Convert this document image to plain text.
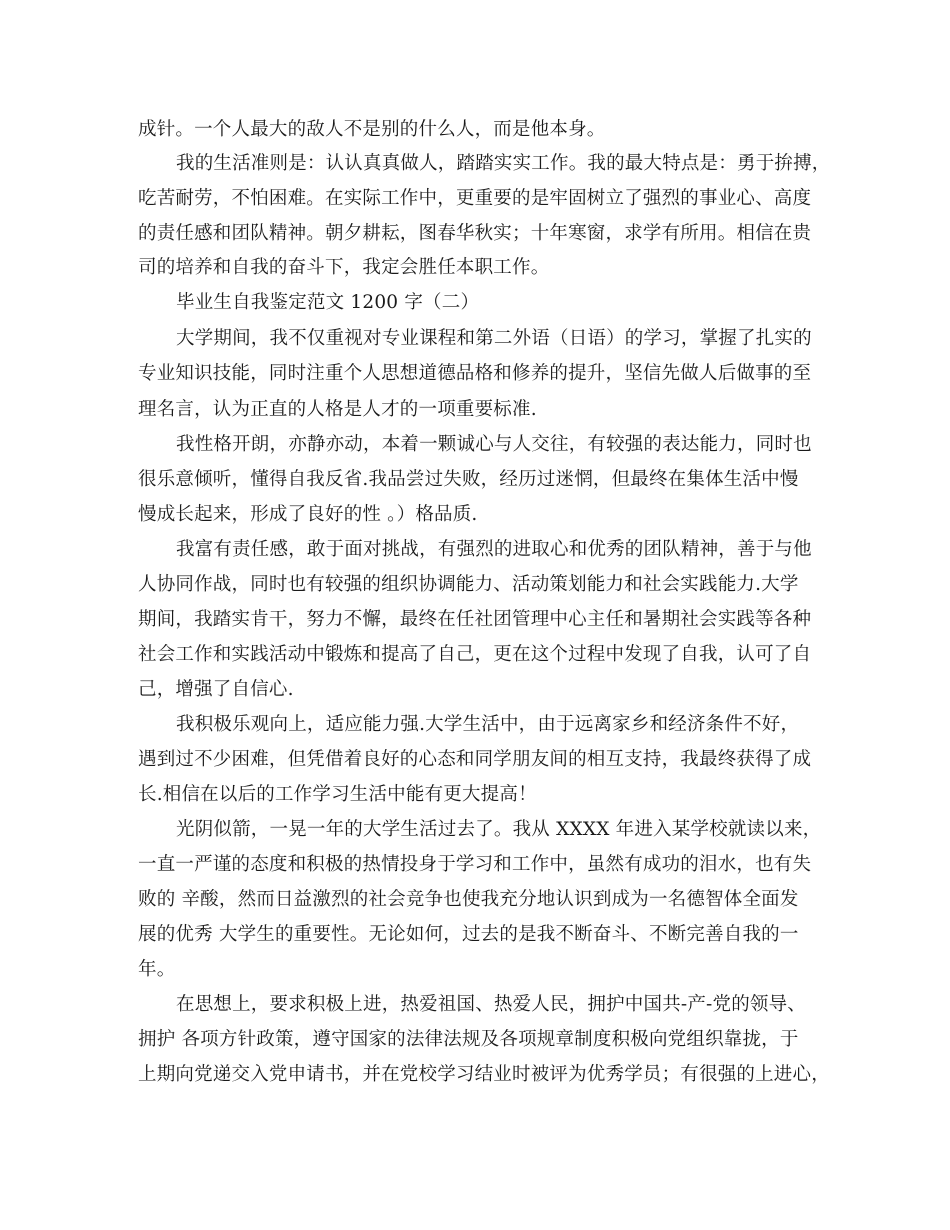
成针。一个人最大的敌人不是别的什么人，而是他本身。
我的生活准则是：认认真真做人，踏踏实实工作。我的最大特点是：勇于拚搏，
吃苦耐劳，不怕困难。在实际工作中，更重要的是牢固树立了强烈的事业心、高度
的责任感和团队精神。朝夕耕耘，图春华秋实；十年寒窗，求学有所用。相信在贵
司的培养和自我的奋斗下，我定会胜任本职工作。
毕业生自我鉴定范文 1200 字（二）
大学期间，我不仅重视对专业课程和第二外语（日语）的学习，掌握了扎实的
专业知识技能，同时注重个人思想道德品格和修养的提升，坚信先做人后做事的至
理名言，认为正直的人格是人才的一项重要标准.
我性格开朗，亦静亦动，本着一颗诚心与人交往，有较强的表达能力，同时也
很乐意倾听，懂得自我反省.我品尝过失败，经历过迷惘，但最终在集体生活中慢
慢成长起来，形成了良好的性 。）格品质.
我富有责任感，敢于面对挑战，有强烈的进取心和优秀的团队精神，善于与他
人协同作战，同时也有较强的组织协调能力、活动策划能力和社会实践能力.大学
期间，我踏实肯干，努力不懈，最终在任社团管理中心主任和暑期社会实践等各种
社会工作和实践活动中锻炼和提高了自己，更在这个过程中发现了自我，认可了自
己，增强了自信心.
我积极乐观向上，适应能力强.大学生活中，由于远离家乡和经济条件不好，
遇到过不少困难，但凭借着良好的心态和同学朋友间的相互支持，我最终获得了成
长.相信在以后的工作学习生活中能有更大提高！
光阴似箭，一晃一年的大学生活过去了。我从 XXXX 年进入某学校就读以来，
一直一严谨的态度和积极的热情投身于学习和工作中，虽然有成功的泪水，也有失
败的 辛酸，然而日益激烈的社会竞争也使我充分地认识到成为一名德智体全面发
展的优秀 大学生的重要性。无论如何，过去的是我不断奋斗、不断完善自我的一
年。
在思想上，要求积极上进，热爱祖国、热爱人民，拥护中国共-产-党的领导、
拥护 各项方针政策，遵守国家的法律法规及各项规章制度积极向党组织靠拢，于
上期向党递交入党申请书，并在党校学习结业时被评为优秀学员；有很强的上进心，
